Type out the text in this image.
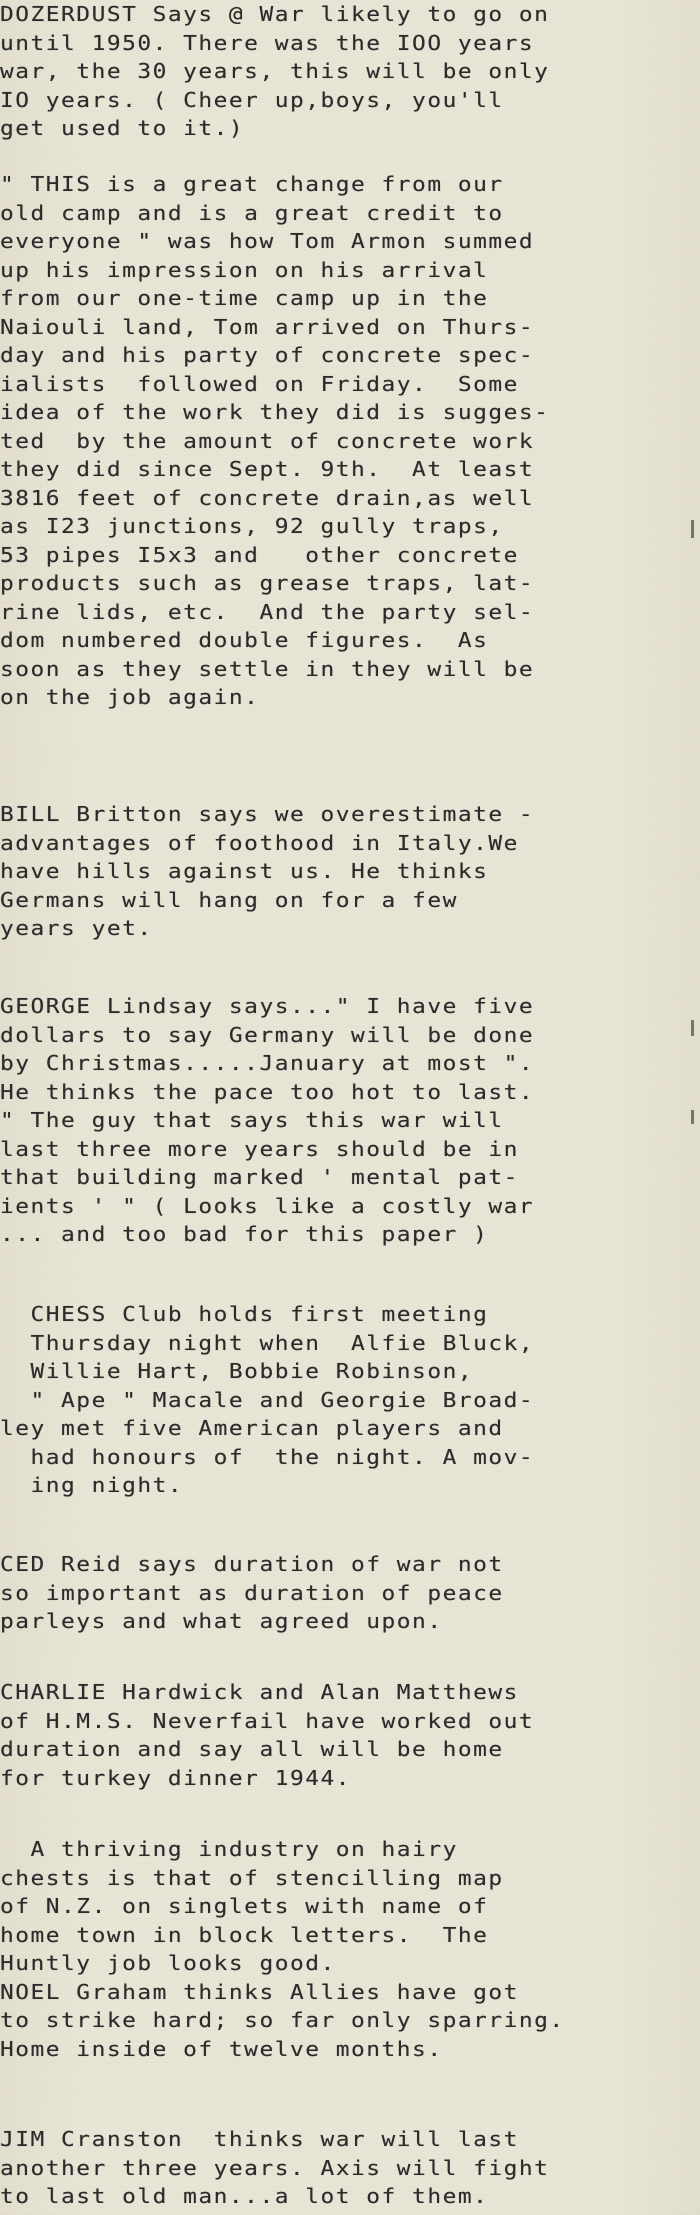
DOZERDUST Says @ War likely to go on
until 1950. There was the IOO years
war, the 30 years, this will be only
IO years. ( Cheer up,boys, you'll
get used to it.)
" THIS is a great change from our
old camp and is a great credit to
everyone " was how Tom Armon summed
up his impression on his arrival
from our one-time camp up in the
Naiouli land, Tom arrived on Thurs-
day and his party of concrete spec-
ialists  followed on Friday.  Some
idea of the work they did is sugges-
ted  by the amount of concrete work
they did since Sept. 9th.  At least
3816 feet of concrete drain,as well
as I23 junctions, 92 gully traps,
53 pipes I5x3 and   other concrete
products such as grease traps, lat-
rine lids, etc.  And the party sel-
dom numbered double figures.  As
soon as they settle in they will be
on the job again.
BILL Britton says we overestimate -
advantages of foothood in Italy.We
have hills against us. He thinks
Germans will hang on for a few
years yet.
GEORGE Lindsay says..." I have five
dollars to say Germany will be done
by Christmas.....January at most ".
He thinks the pace too hot to last.
" The guy that says this war will
last three more years should be in
that building marked ' mental pat-
ients ' " ( Looks like a costly war
... and too bad for this paper )
CHESS Club holds first meeting
Thursday night when  Alfie Bluck,
Willie Hart, Bobbie Robinson,
" Ape " Macale and Georgie Broad-
ley met five American players and
had honours of  the night. A mov-
ing night.
CED Reid says duration of war not
so important as duration of peace
parleys and what agreed upon.
CHARLIE Hardwick and Alan Matthews
of H.M.S. Neverfail have worked out
duration and say all will be home
for turkey dinner 1944.
A thriving industry on hairy
chests is that of stencilling map
of N.Z. on singlets with name of
home town in block letters.  The
Huntly job looks good.
NOEL Graham thinks Allies have got
to strike hard; so far only sparring.
Home inside of twelve months.
JIM Cranston  thinks war will last
another three years. Axis will fight
to last old man...a lot of them.
